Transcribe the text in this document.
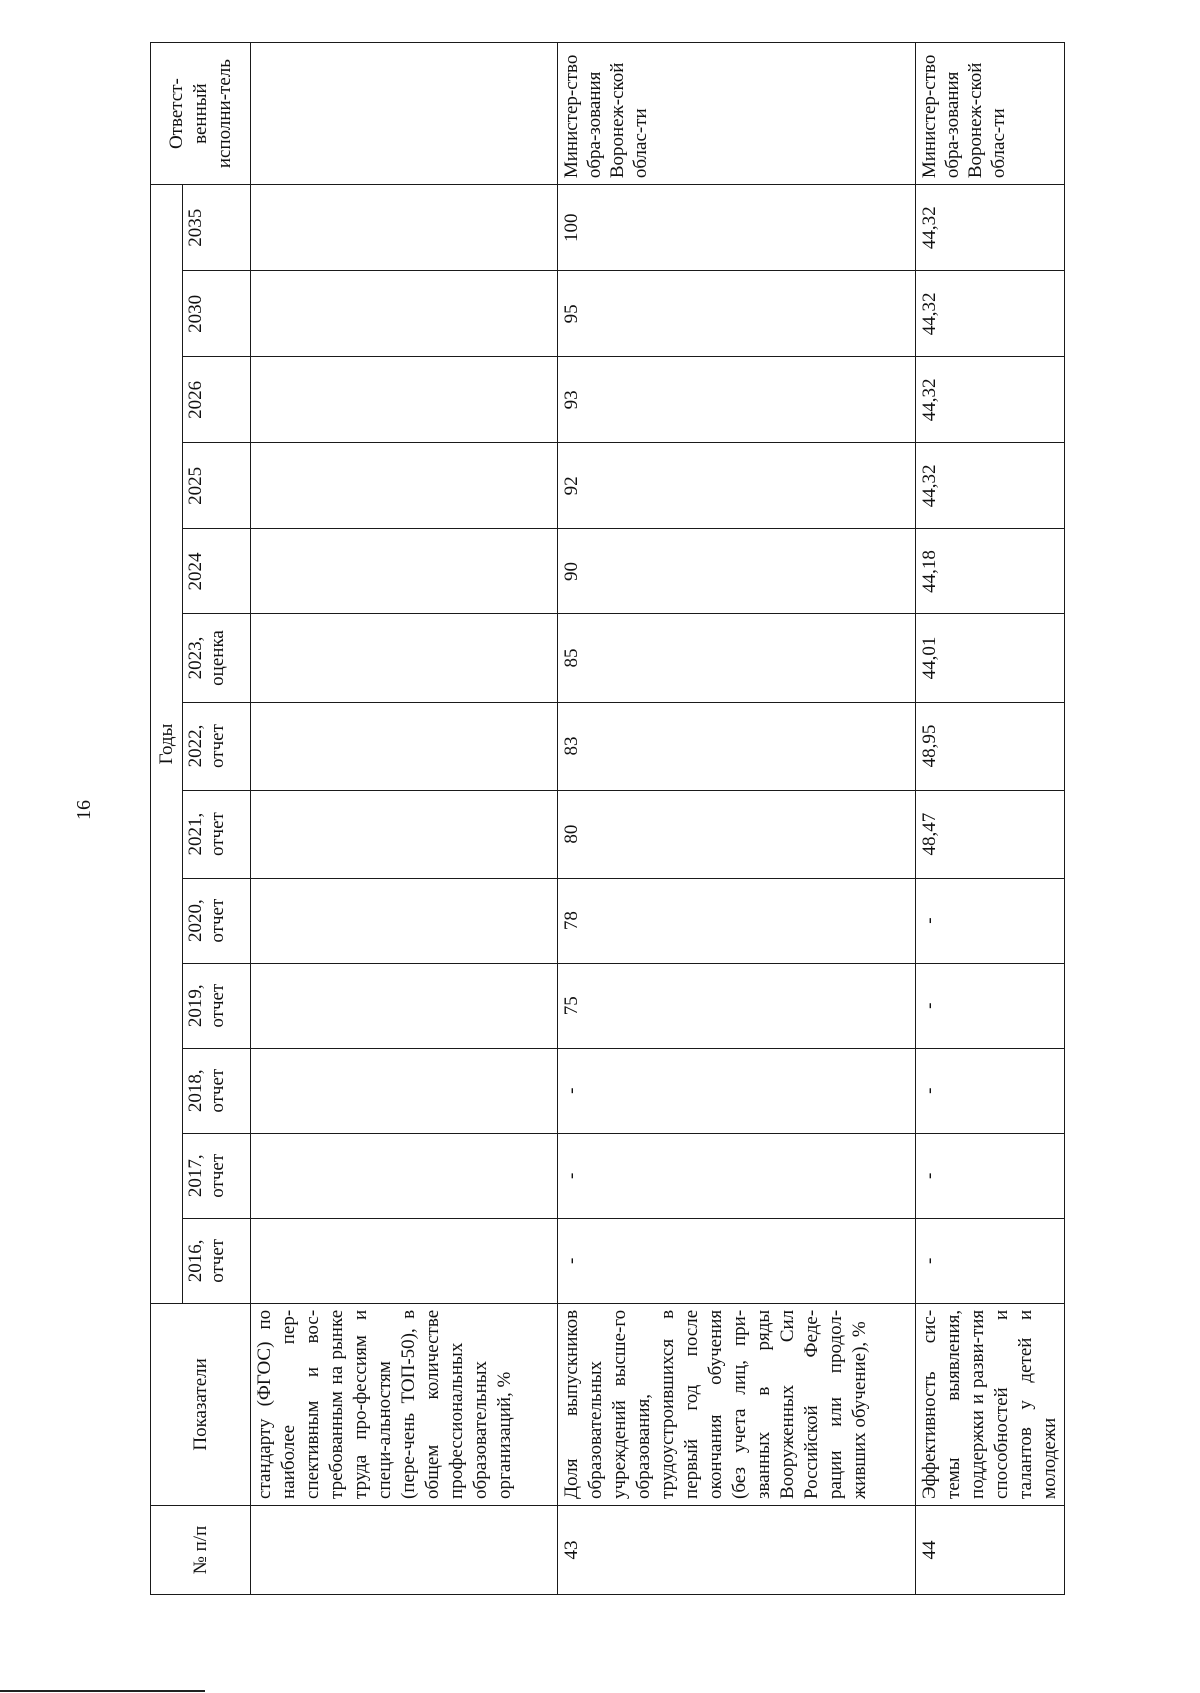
16
№ п/п	Показатели	Годы													Ответст-венный исполни-тель
		2016, отчет	2017, отчет	2018, отчет	2019, отчет	2020, отчет	2021, отчет	2022, отчет	2023, оценка	2024	2025	2026	2030	2035	
	стандарту (ФГОС) по наиболее пер-спективным и вос-требованным на рынке труда про-фессиям и специ-альностям (пере-чень ТОП-50), в общем количестве профессиональных образовательных организаций, %														
43	Доля выпускников образовательных учреждений высше-го образования, трудоустроившихся в первый год после окончания обучения (без учета лиц, при-званных в ряды Вооруженных Сил Российской Феде-рации или продол-живших обучение), %	-	-	-	75	78	80	83	85	90	92	93	95	100	Министер-ство обра-зования Воронеж-ской облас-ти
44	Эффективность сис-темы выявления, поддержки и разви-тия способностей и талантов у детей и молодежи	-	-	-	-	-	48,47	48,95	44,01	44,18	44,32	44,32	44,32	44,32	Министер-ство обра-зования Воронеж-ской облас-ти
